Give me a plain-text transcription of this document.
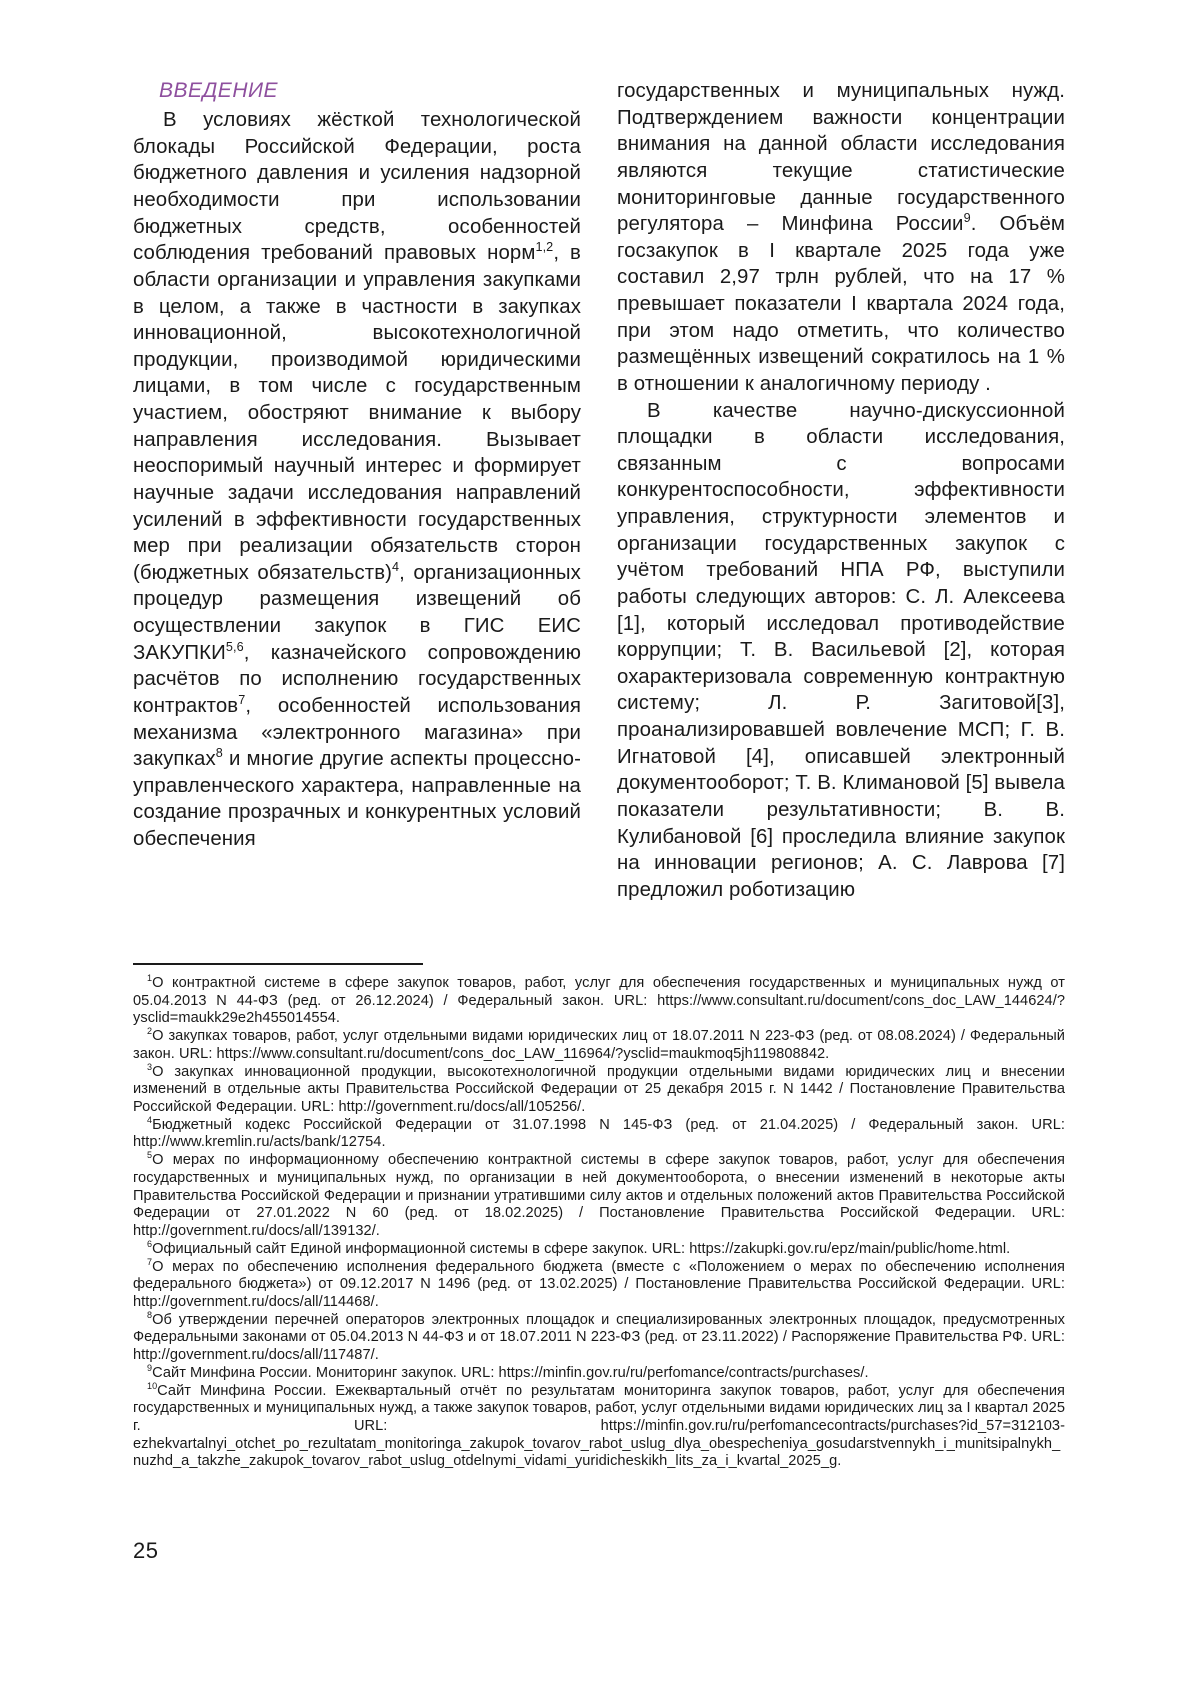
ВВЕДЕНИЕ

В условиях жёсткой технологической блокады Российской Федерации, роста бюджетного давления и усиления надзорной необходимости при использовании бюджетных средств, особенностей соблюдения требований правовых норм$^{1,2}$, в области организации и управления закупками в целом, а также в частности в закупках инновационной, высокотехнологичной продукции, производимой юридическими лицами, в том числе с государственным участием, обостряют внимание к выбору направления исследования. Вызывает неоспоримый научный интерес и формирует научные задачи исследования направлений усилений в эффективности государственных мер при реализации обязательств сторон (бюджетных обязательств)$^4$, организационных процедур размещения извещений об осуществлении закупок в ГИС ЕИС ЗАКУПКИ$^{5,6}$, казначейского сопровождению расчётов по исполнению государственных контрактов$^7$, особенностей использования механизма «электронного магазина» при закупках$^8$ и многие другие аспекты процессно-управленческого характера, направленные на создание прозрачных и конкурентных условий обеспечения

государственных и муниципальных нужд. Подтверждением важности концентрации внимания на данной области исследования являются текущие статистические мониторинговые данные государственного регулятора – Минфина России$^9$. Объём госзакупок в I квартале 2025 года уже составил 2,97 трлн рублей, что на 17 % превышает показатели I квартала 2024 года, при этом надо отметить, что количество размещённых извещений сократилось на 1 % в отношении к аналогичному периоду .

В качестве научно-дискуссионной площадки в области исследования, связанным с вопросами конкурентоспособности, эффективности управления, структурности элементов и организации государственных закупок с учётом требований НПА РФ, выступили работы следующих авторов: С. Л. Алексеева [1], который исследовал противодействие коррупции; Т. В. Васильевой [2], которая охарактеризовала современную контрактную систему; Л. Р. Загитовой[3], проанализировавшей вовлечение МСП; Г. В. Игнатовой [4], описавшей электронный документооборот; Т. В. Климановой [5] вывела показатели результативности; В. В. Кулибановой [6] проследила влияние закупок на инновации регионов; А. С. Лаврова [7] предложил роботизацию

$^1$О контрактной системе в сфере закупок товаров, работ, услуг для обеспечения государственных и муниципальных нужд от 05.04.2013 N 44-ФЗ (ред. от 26.12.2024) / Федеральный закон. URL: https://www.consultant.ru/document/cons_doc_LAW_144624/?ysclid=maukk29e2h455014554.

$^2$О закупках товаров, работ, услуг отдельными видами юридических лиц от 18.07.2011 N 223-ФЗ (ред. от 08.08.2024) / Федеральный закон. URL: https://www.consultant.ru/document/cons_doc_LAW_116964/?ysclid=maukmoq5jh119808842.

$^3$О закупках инновационной продукции, высокотехнологичной продукции отдельными видами юридических лиц и внесении изменений в отдельные акты Правительства Российской Федерации от 25 декабря 2015 г. N 1442 / Постановление Правительства Российской Федерации. URL: http://government.ru/docs/all/105256/.

$^4$Бюджетный кодекс Российской Федерации от 31.07.1998 N 145-ФЗ (ред. от 21.04.2025) / Федеральный закон. URL: http://www.kremlin.ru/acts/bank/12754.

$^5$О мерах по информационному обеспечению контрактной системы в сфере закупок товаров, работ, услуг для обеспечения государственных и муниципальных нужд, по организации в ней документооборота, о внесении изменений в некоторые акты Правительства Российской Федерации и признании утратившими силу актов и отдельных положений актов Правительства Российской Федерации от 27.01.2022 N 60 (ред. от 18.02.2025) / Постановление Правительства Российской Федерации. URL: http://government.ru/docs/all/139132/.

$^6$Официальный сайт Единой информационной системы в сфере закупок. URL: https://zakupki.gov.ru/epz/main/public/home.html.

$^7$О мерах по обеспечению исполнения федерального бюджета (вместе с «Положением о мерах по обеспечению исполнения федерального бюджета») от 09.12.2017 N 1496 (ред. от 13.02.2025) / Постановление Правительства Российской Федерации. URL: http://government.ru/docs/all/114468/.

$^8$Об утверждении перечней операторов электронных площадок и специализированных электронных площадок, предусмотренных Федеральными законами от 05.04.2013 N 44-ФЗ и от 18.07.2011 N 223-ФЗ (ред. от 23.11.2022) / Распоряжение Правительства РФ. URL: http://government.ru/docs/all/117487/.

$^9$Сайт Минфина России. Мониторинг закупок. URL: https://minfin.gov.ru/ru/perfomance/contracts/purchases/.

$^{10}$Сайт Минфина России. Ежеквартальный отчёт по результатам мониторинга закупок товаров, работ, услуг для обеспечения государственных и муниципальных нужд, а также закупок товаров, работ, услуг отдельными видами юридических лиц за I квартал 2025 г. URL: https://minfin.gov.ru/ru/perfomancecontracts/purchases?id_57=312103-ezhekvartalnyi_otchet_po_rezultatam_monitoringa_zakupok_tovarov_rabot_uslug_dlya_obespecheniya_gosudarstvennykh_i_munitsipalnykh_nuzhd_a_takzhe_zakupok_tovarov_rabot_uslug_otdelnymi_vidami_yuridicheskikh_lits_za_i_kvartal_2025_g.

25
